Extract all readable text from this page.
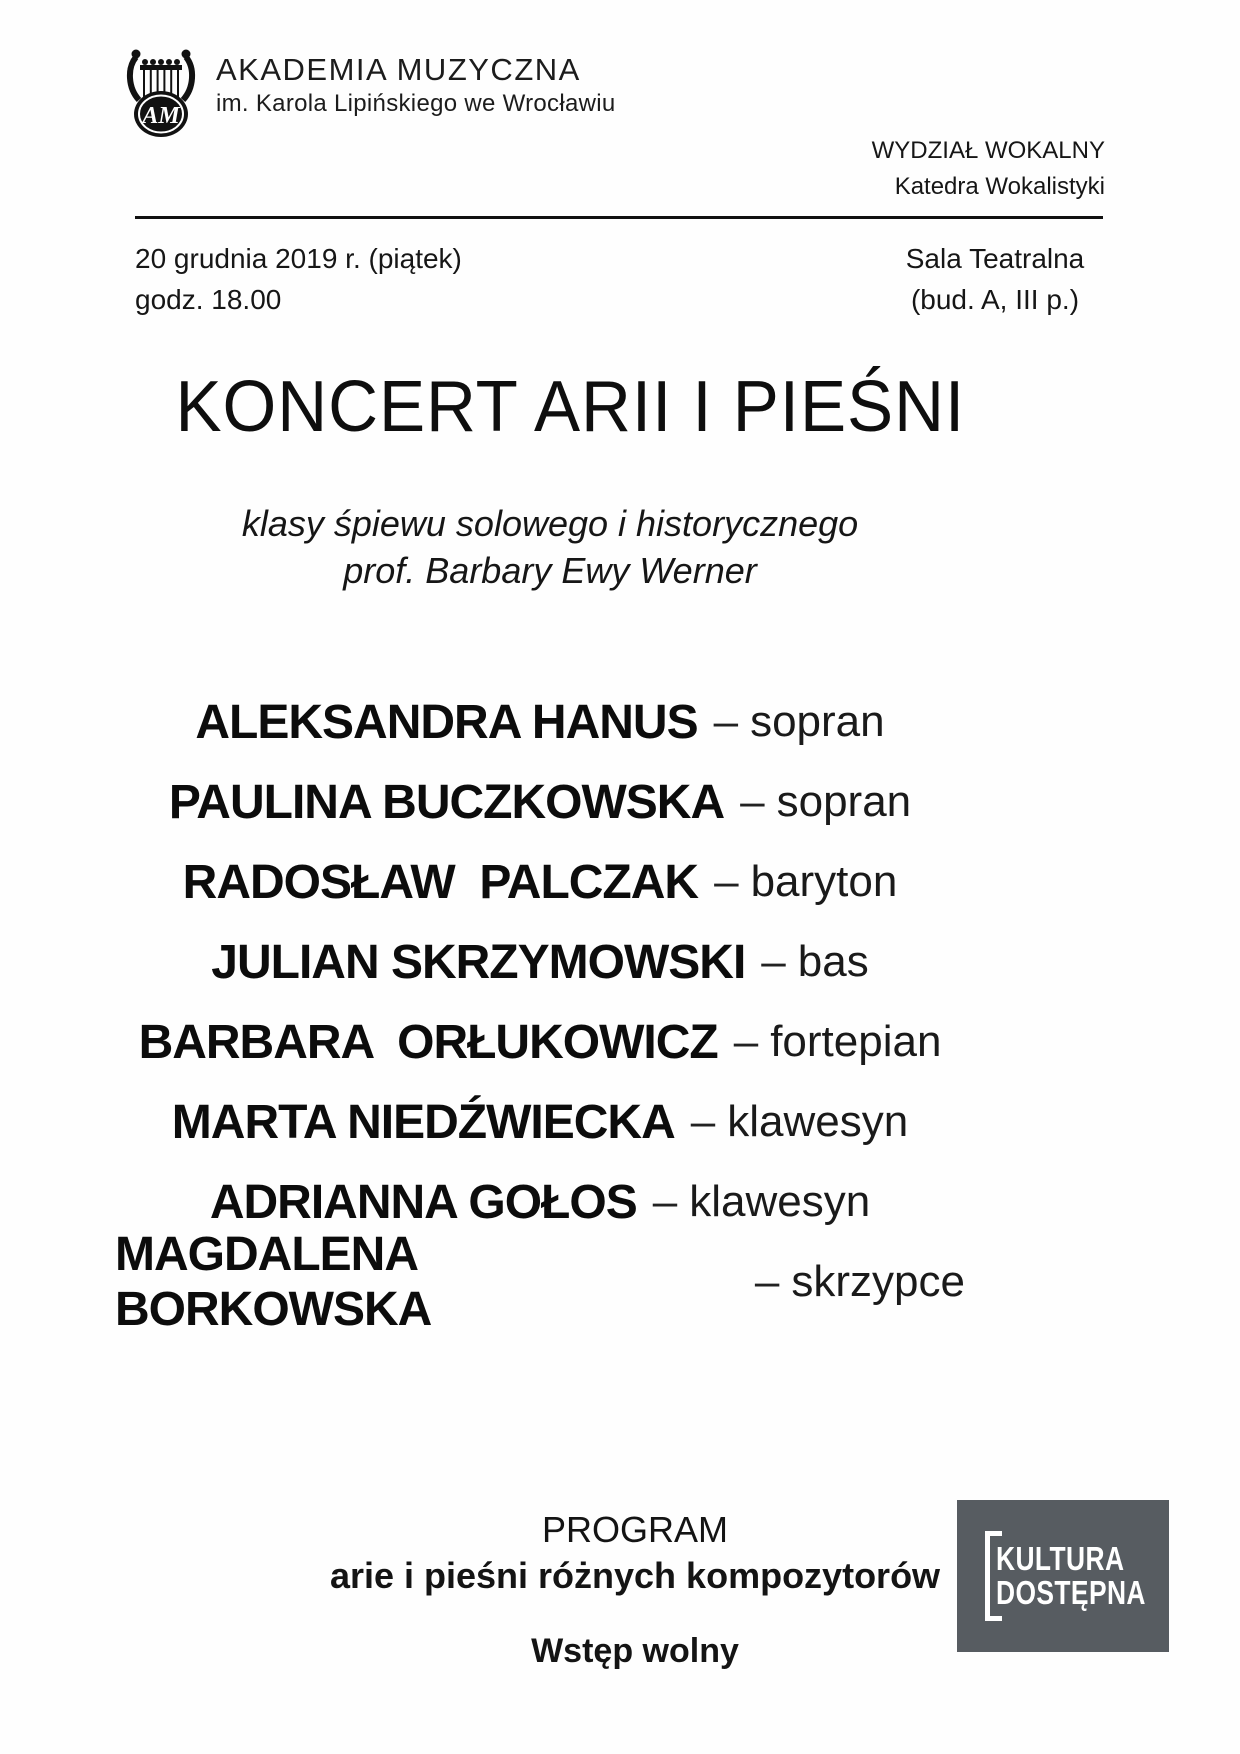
AM
AKADEMIA MUZYCZNA
im. Karola Lipińskiego we Wrocławiu
WYDZIAŁ WOKALNY
Katedra Wokalistyki
20 grudnia 2019 r. (piątek)
godz. 18.00
Sala Teatralna
(bud. A, III p.)
KONCERT ARII I PIEŚNI
klasy śpiewu solowego i historycznego
prof. Barbary Ewy Werner
ALEKSANDRA HANUS – sopran
PAULINA BUCZKOWSKA – sopran
RADOSŁAW  PALCZAK – baryton
JULIAN SKRZYMOWSKI – bas
BARBARA  ORŁUKOWICZ – fortepian
MARTA NIEDŹWIECKA – klawesyn
ADRIANNA GOŁOS – klawesyn
MAGDALENA BORKOWSKA
– skrzypce
PROGRAM
arie i pieśni różnych kompozytorów
Wstęp wolny
KULTURA
DOSTĘPNA
